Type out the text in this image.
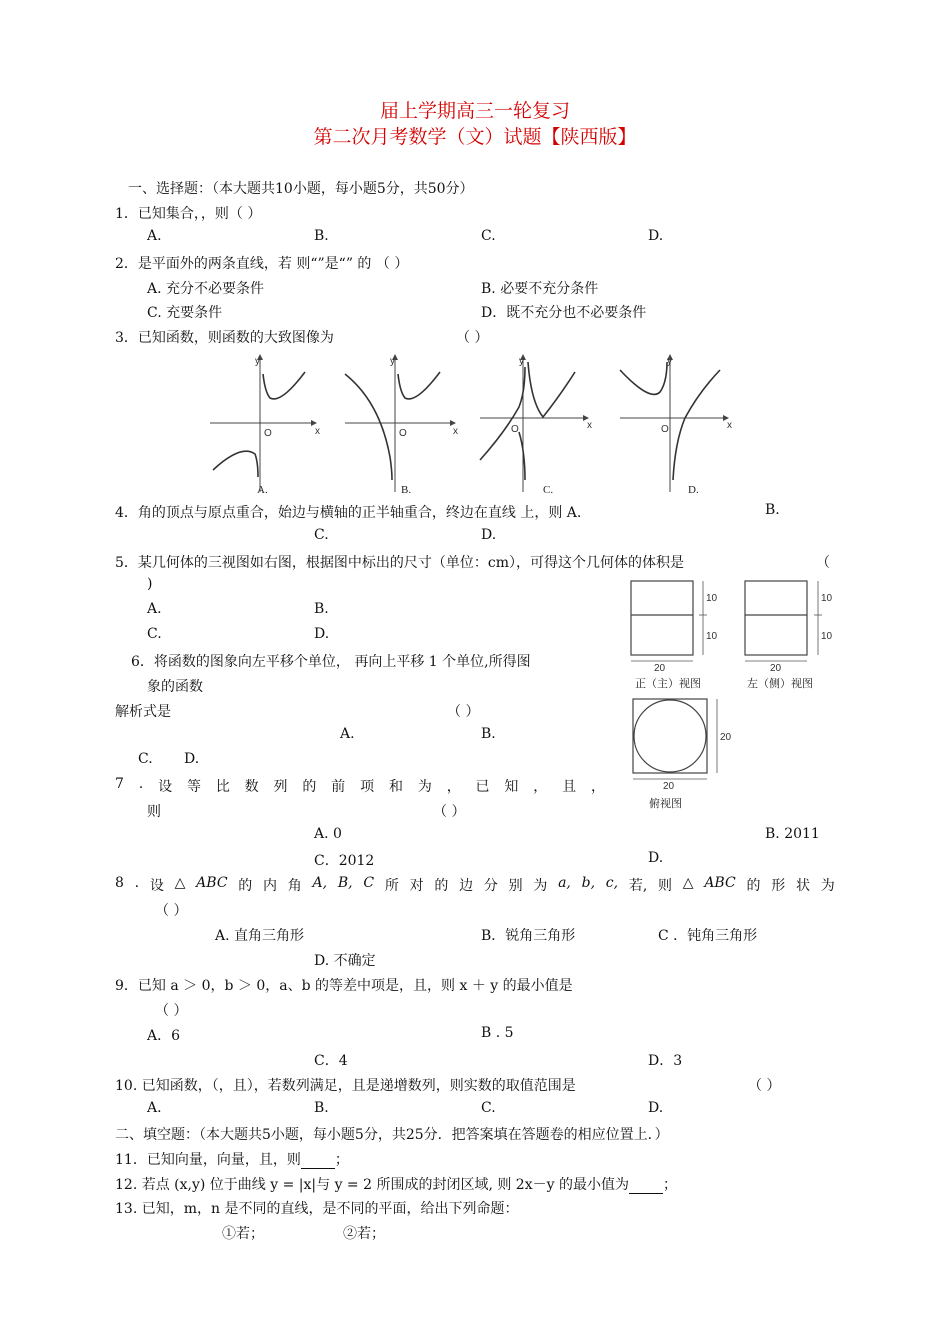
届上学期高三一轮复习
第二次月考数学（文）试题【陕西版】
一、选择题：（本大题共10小题，每小题5分，共50分）
1．已知集合，，则（ ）
A.	B.	C.	D.
2．是平面外的两条直线，若 则“”是“” 的 （ ）
A. 充分不必要条件	B. 必要不充分条件
C. 充要条件	D．既不充分也不必要条件
3．已知函数，则函数的大致图像为	（ ）
x
y
O
A.
x
y
O
B.
x
y
O
C.
x
y
O
D.
4．角的顶点与原点重合，始边与横轴的正半轴重合，终边在直线 上，则 A.	B.
C.	D.
5．某几何体的三视图如右图，根据图中标出的尺寸（单位：cm），可得这个几何体的体积是	（
)
A.	B.
C.	D.
10
10
20
正（主）视图
10
10
20
左（侧）视图
20
20
俯视图
6．将函数的图象向左平移个单位， 再向上平移 1 个单位,所得图
象的函数
解析式是	（ ）
A.	B.
C. D.
7 . 设 等 比 数 列 的 前 项 和 为 ， 已 知 ， 且 ，
则	（ ）
A. 0	B. 2011
C．2012	D.
8 . 设 △ ABC 的 内 角 A, B, C 所 对 的 边 分 别 为 a, b, c, 若, 则 △ ABC 的 形 状 为
（ ）
A. 直角三角形	B．锐角三角形	C ．钝角三角形
D. 不确定
9．已知 a ＞ 0，b ＞ 0，a、b 的等差中项是，且，则 x ＋ y 的最小值是
（ ）
A．6	B . 5
C．4	D．3
10. 已知函数，（，且），若数列满足，且是递增数列，则实数的取值范围是	（ ）
A.	B.	C.	D.
二、填空题：（本大题共5小题，每小题5分，共25分．把答案填在答题卷的相应位置上．）
11．已知向量，向量，且，则 ；
12. 若点 (x,y) 位于曲线 y = |x|与 y = 2 所围成的封闭区域, 则 2x－y 的最小值为 ；
13. 已知，m，n 是不同的直线，是不同的平面，给出下列命题：
①若；	②若；
